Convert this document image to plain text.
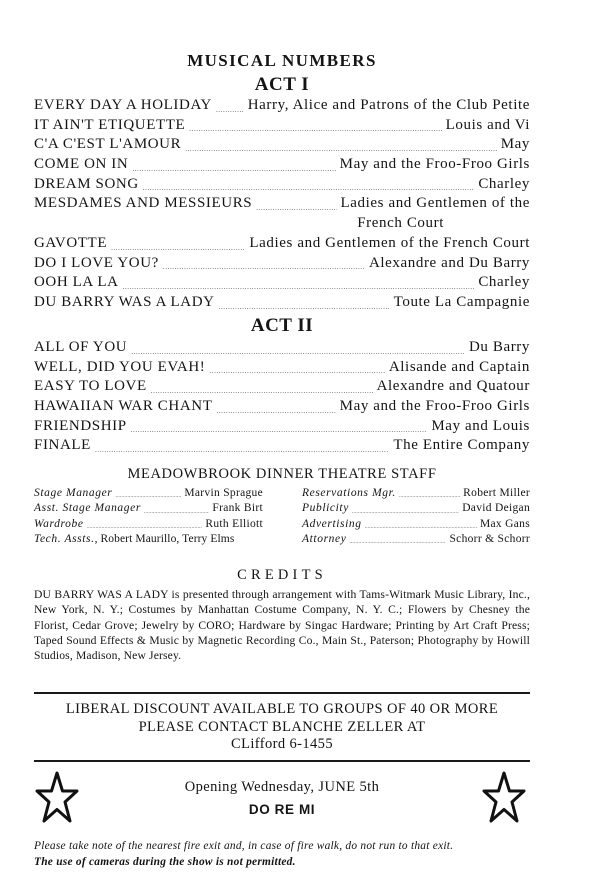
MUSICAL NUMBERS
ACT I
EVERY DAY A HOLIDAY ..... Harry, Alice and Patrons of the Club Petite
IT AIN'T ETIQUETTE .....	Louis and Vi
C'A C'EST L'AMOUR .....	May
COME ON IN .....	May and the Froo-Froo Girls
DREAM SONG .....	Charley
MESDAMES AND MESSIEURS .....	Ladies and Gentlemen of the
French Court
GAVOTTE .....	Ladies and Gentlemen of the French Court
DO I LOVE YOU? .....	Alexandre and Du Barry
OOH LA LA .....	Charley
DU BARRY WAS A LADY .....	Toute La Campagnie
ACT II
ALL OF YOU .....	Du Barry
WELL, DID YOU EVAH! .....	Alisande and Captain
EASY TO LOVE .....	Alexandre and Quatour
HAWAIIAN WAR CHANT .....	May and the Froo-Froo Girls
FRIENDSHIP .....	May and Louis
FINALE .....	The Entire Company
MEADOWBROOK DINNER THEATRE STAFF
Stage Manager .....	Marvin Sprague
Asst. Stage Manager .....	Frank Birt
Wardrobe .....	Ruth Elliott
Tech. Assts. , Robert Maurillo, Terry Elms
Reservations Mgr. .....	Robert Miller
Publicity .....	David Deigan
Advertising .....	Max Gans
Attorney .....	Schorr & Schorr
CREDITS
DU BARRY WAS A LADY is presented through arrangement with Tams-Witmark Music Library, Inc., New York, N. Y.; Costumes by Manhattan Costume Company, N. Y. C.; Flowers by Chesney the Florist, Cedar Grove; Jewelry by CORO; Hardware by Singac Hardware; Printing by Art Craft Press; Taped Sound Effects & Music by Magnetic Recording Co., Main St., Paterson; Photography by Howill Studios, Madison, New Jersey.
LIBERAL DISCOUNT AVAILABLE TO GROUPS OF 40 OR MORE
PLEASE CONTACT BLANCHE ZELLER AT
CLifford 6-1455
Opening Wednesday, JUNE 5th
DO RE MI
Please take note of the nearest fire exit and, in case of fire walk, do not run to that exit.
The use of cameras during the show is not permitted.
